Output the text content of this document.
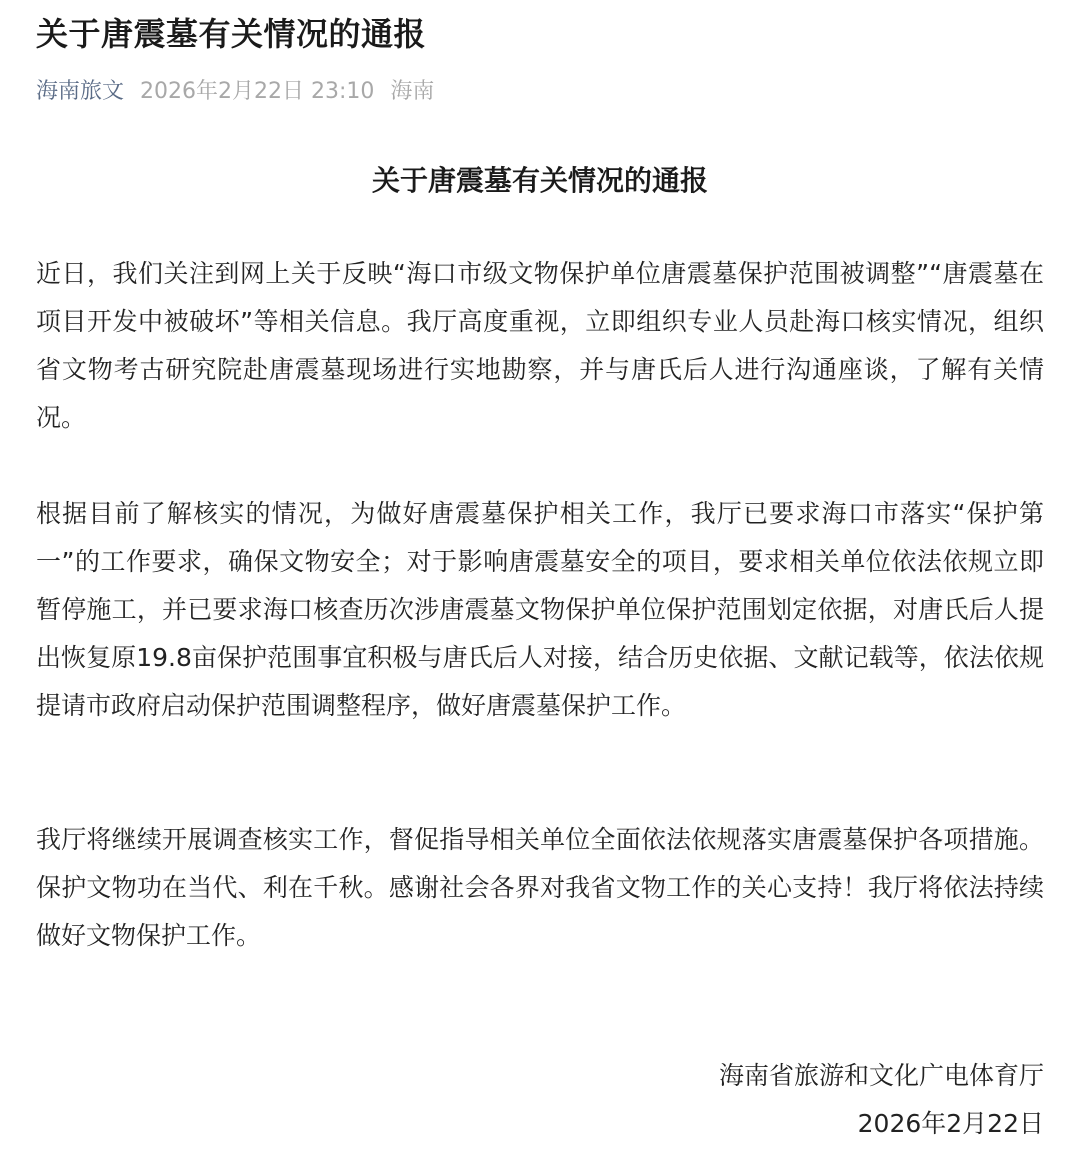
关于唐震墓有关情况的通报
海南旅文 2026年2月22日 23:10 海南
关于唐震墓有关情况的通报

近日，我们关注到网上关于反映“海口市级文物保护单位唐震墓保护范围被调整”“唐震墓在项目开发中被破坏”等相关信息。我厅高度重视，立即组织专业人员赴海口核实情况，组织省文物考古研究院赴唐震墓现场进行实地勘察，并与唐氏后人进行沟通座谈，了解有关情况。

根据目前了解核实的情况，为做好唐震墓保护相关工作，我厅已要求海口市落实“保护第一”的工作要求，确保文物安全；对于影响唐震墓安全的项目，要求相关单位依法依规立即暂停施工，并已要求海口核查历次涉唐震墓文物保护单位保护范围划定依据，对唐氏后人提出恢复原19.8亩保护范围事宜积极与唐氏后人对接，结合历史依据、文献记载等，依法依规提请市政府启动保护范围调整程序，做好唐震墓保护工作。

我厅将继续开展调查核实工作，督促指导相关单位全面依法依规落实唐震墓保护各项措施。保护文物功在当代、利在千秋。感谢社会各界对我省文物工作的关心支持！我厅将依法持续做好文物保护工作。

海南省旅游和文化广电体育厅

2026年2月22日
